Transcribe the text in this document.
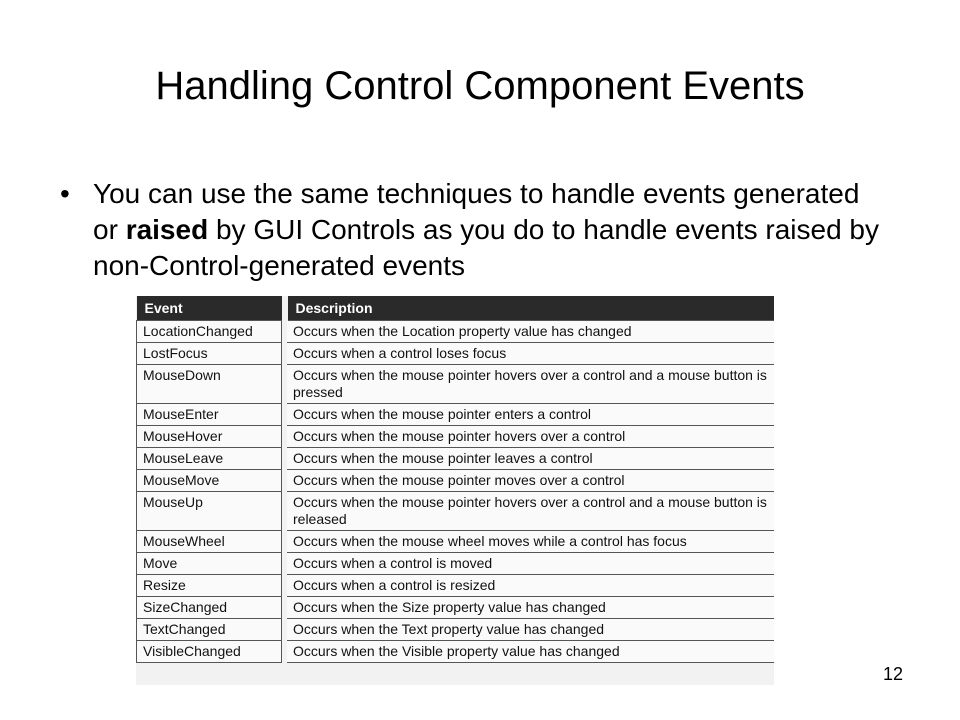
Handling Control Component Events
• You can use the same techniques to handle events generated or raised by GUI Controls as you do to handle events raised by non-Control-generated events
Event	Description
LocationChanged	Occurs when the Location property value has changed
LostFocus	Occurs when a control loses focus
MouseDown	Occurs when the mouse pointer hovers over a control and a mouse button is pressed
MouseEnter	Occurs when the mouse pointer enters a control
MouseHover	Occurs when the mouse pointer hovers over a control
MouseLeave	Occurs when the mouse pointer leaves a control
MouseMove	Occurs when the mouse pointer moves over a control
MouseUp	Occurs when the mouse pointer hovers over a control and a mouse button is released
MouseWheel	Occurs when the mouse wheel moves while a control has focus
Move	Occurs when a control is moved
Resize	Occurs when a control is resized
SizeChanged	Occurs when the Size property value has changed
TextChanged	Occurs when the Text property value has changed
VisibleChanged	Occurs when the Visible property value has changed
12
